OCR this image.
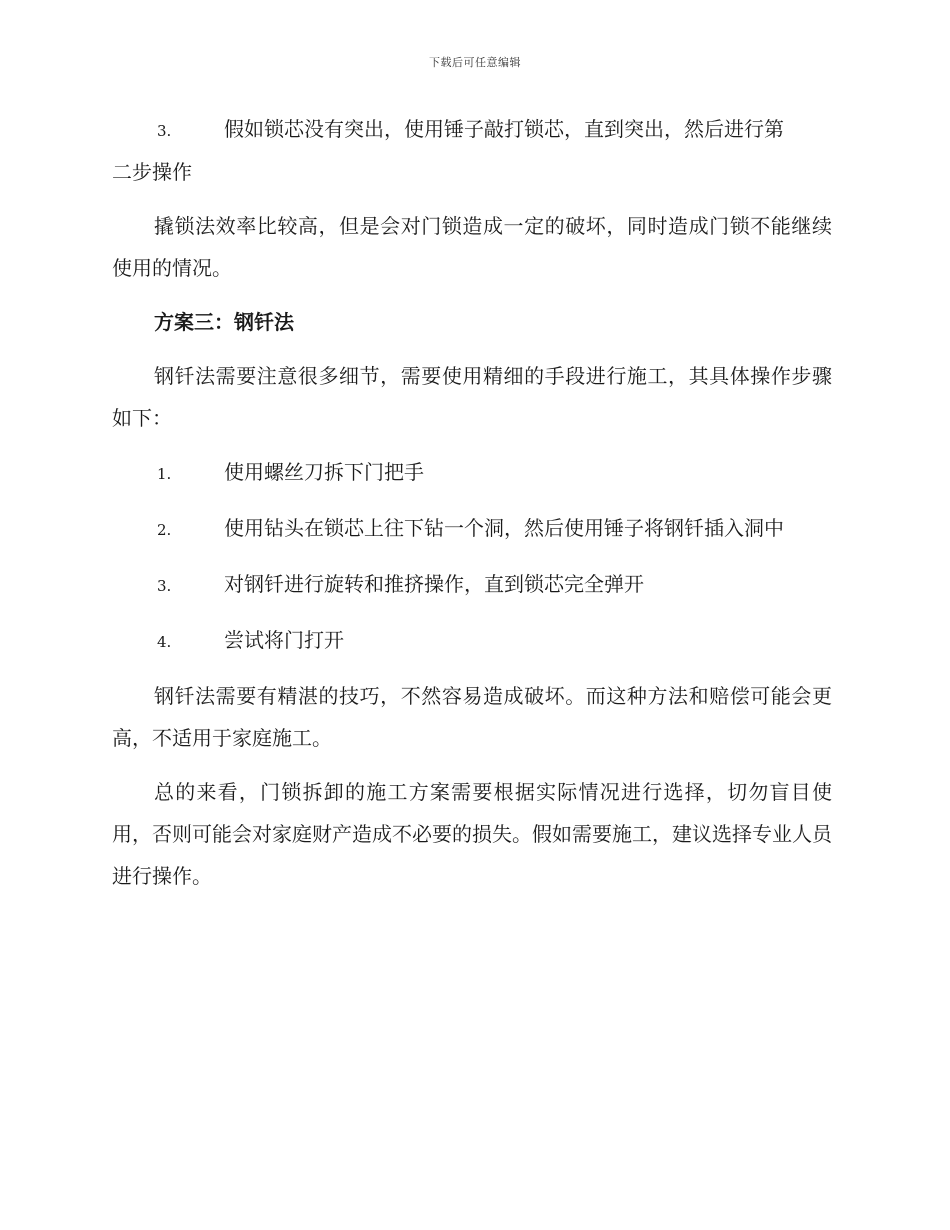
下载后可任意编辑
3.	假如锁芯没有突出，使用锤子敲打锁芯，直到突出，然后进行第
二步操作

撬锁法效率比较高，但是会对门锁造成一定的破坏，同时造成门锁不能继续使用的情况。

方案三：钢钎法

钢钎法需要注意很多细节，需要使用精细的手段进行施工，其具体操作步骤如下：

1.	使用螺丝刀拆下门把手
2.	使用钻头在锁芯上往下钻一个洞，然后使用锤子将钢钎插入洞中
3.	对钢钎进行旋转和推挤操作，直到锁芯完全弹开
4.	尝试将门打开

钢钎法需要有精湛的技巧，不然容易造成破坏。而这种方法和赔偿可能会更高，不适用于家庭施工。

总的来看，门锁拆卸的施工方案需要根据实际情况进行选择，切勿盲目使用，否则可能会对家庭财产造成不必要的损失。假如需要施工，建议选择专业人员进行操作。
